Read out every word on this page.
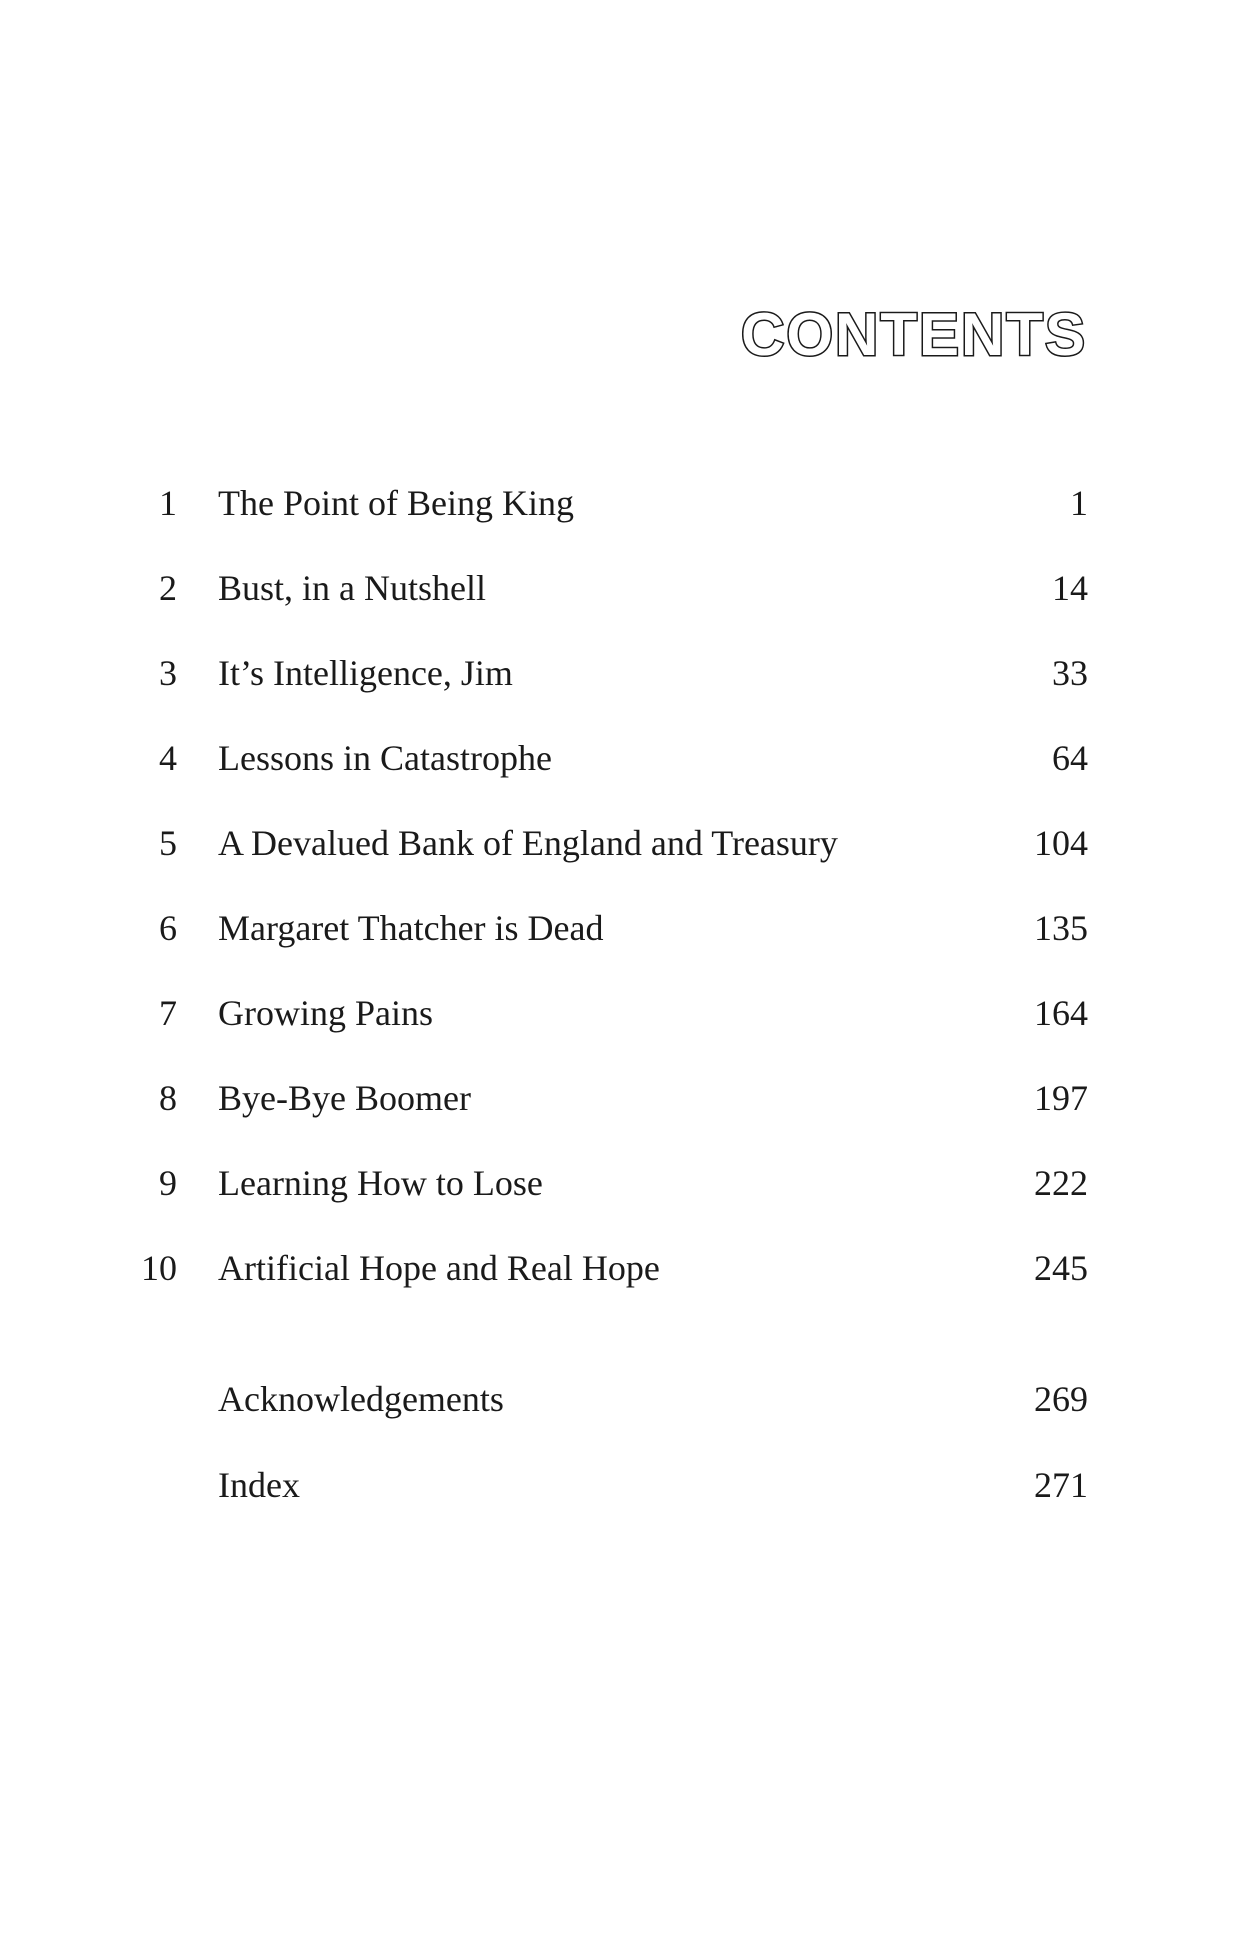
CONTENTS
1 The Point of Being King	1
2 Bust, in a Nutshell	14
3 It’s Intelligence, Jim	33
4 Lessons in Catastrophe	64
5 A Devalued Bank of England and Treasury	104
6 Margaret Thatcher is Dead	135
7 Growing Pains	164
8 Bye-Bye Boomer	197
9 Learning How to Lose	222
10 Artificial Hope and Real Hope	245
Acknowledgements	269
Index	271
